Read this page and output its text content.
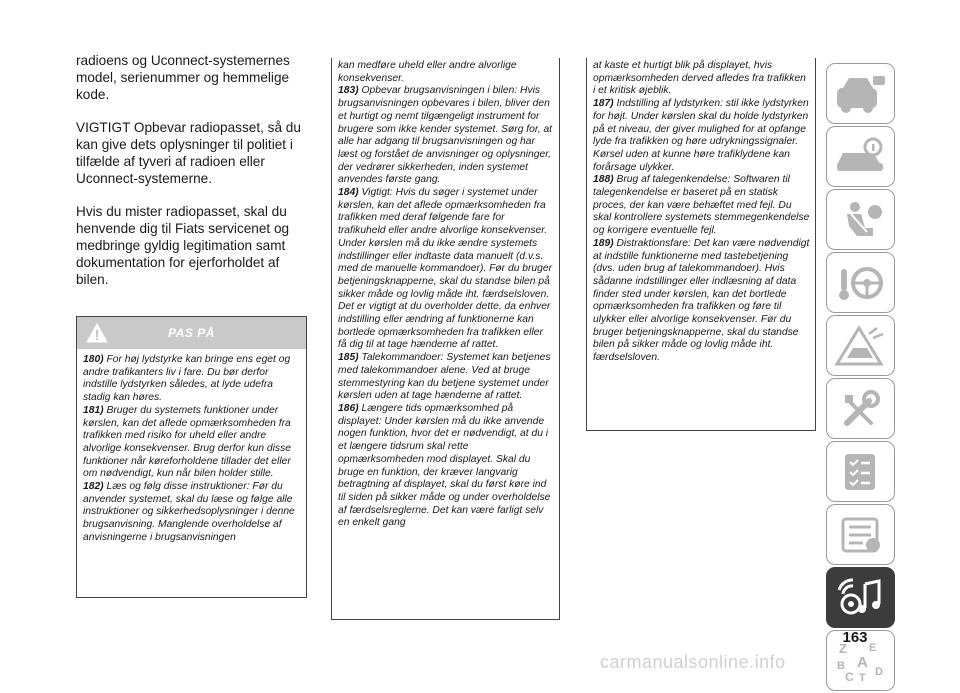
radioens og Uconnect-systemernes model, serienummer og hemmelige kode.

VIGTIGT Opbevar radiopasset, så du kan give dets oplysninger til politiet i tilfælde af tyveri af radioen eller Uconnect-systemerne.

Hvis du mister radiopasset, skal du henvende dig til Fiats servicenet og medbringe gyldig legitimation samt dokumentation for ejerforholdet af bilen.

PAS PÅ

180) For høj lydstyrke kan bringe ens eget og andre trafikanters liv i fare. Du bør derfor indstille lydstyrken således, at lyde udefra stadig kan høres.

181) Bruger du systemets funktioner under kørslen, kan det aflede opmærksomheden fra trafikken med risiko for uheld eller andre alvorlige konsekvenser. Brug derfor kun disse funktioner når køreforholdene tillader det eller om nødvendigt, kun når bilen holder stille.

182) Læs og følg disse instruktioner: Før du anvender systemet, skal du læse og følge alle instruktioner og sikkerhedsoplysninger i denne brugsanvisning. Manglende overholdelse af anvisningerne i brugsanvisningen

kan medføre uheld eller andre alvorlige konsekvenser.

183) Opbevar brugsanvisningen i bilen: Hvis brugsanvisningen opbevares i bilen, bliver den et hurtigt og nemt tilgængeligt instrument for brugere som ikke kender systemet. Sørg for, at alle har adgang til brugsanvisningen og har læst og forstået de anvisninger og oplysninger, der vedrører sikkerheden, inden systemet anvendes første gang.

184) Vigtigt: Hvis du søger i systemet under kørslen, kan det aflede opmærksomheden fra trafikken med deraf følgende fare for trafikuheld eller andre alvorlige konsekvenser. Under kørslen må du ikke ændre systemets indstillinger eller indtaste data manuelt (d.v.s. med de manuelle kommandoer). Før du bruger betjeningsknapperne, skal du standse bilen på sikker måde og lovlig måde iht. færdselsloven. Det er vigtigt at du overholder dette, da enhver indstilling eller ændring af funktionerne kan bortlede opmærksomheden fra trafikken eller få dig til at tage hænderne af rattet.

185) Talekommandoer: Systemet kan betjenes med talekommandoer alene. Ved at bruge stemmestyring kan du betjene systemet under kørslen uden at tage hænderne af rattet.

186) Længere tids opmærksomhed på displayet: Under kørslen må du ikke anvende nogen funktion, hvor det er nødvendigt, at du i et længere tidsrum skal rette opmærksomheden mod displayet. Skal du bruge en funktion, der kræver langvarig betragtning af displayet, skal du først køre ind til siden på sikker måde og under overholdelse af færdselsreglerne. Det kan være farligt selv en enkelt gang

at kaste et hurtigt blik på displayet, hvis opmærksomheden derved afledes fra trafikken i et kritisk øjeblik.

187) Indstilling af lydstyrken: stil ikke lydstyrken for højt. Under kørslen skal du holde lydstyrken på et niveau, der giver mulighed for at opfange lyde fra trafikken og høre udrykningssignaler. Kørsel uden at kunne høre trafiklydene kan forårsage ulykker.

188) Brug af talegenkendelse: Softwaren til talegenkendelse er baseret på en statisk proces, der kan være behæftet med fejl. Du skal kontrollere systemets stemmegenkendelse og korrigere eventuelle fejl.

189) Distraktionsfare: Det kan være nødvendigt at indstille funktionerne med tastebetjening (dvs. uden brug af talekommandoer). Hvis sådanne indstillinger eller indlæsning af data finder sted under kørslen, kan det bortlede opmærksomheden fra trafikken og føre til ulykker eller alvorlige konsekvenser. Før du bruger betjeningsknapperne, skal du standse bilen på sikker måde og lovlig måde iht. færdselsloven.

Z E
B A
C T D
163
carmanualsonline.info
